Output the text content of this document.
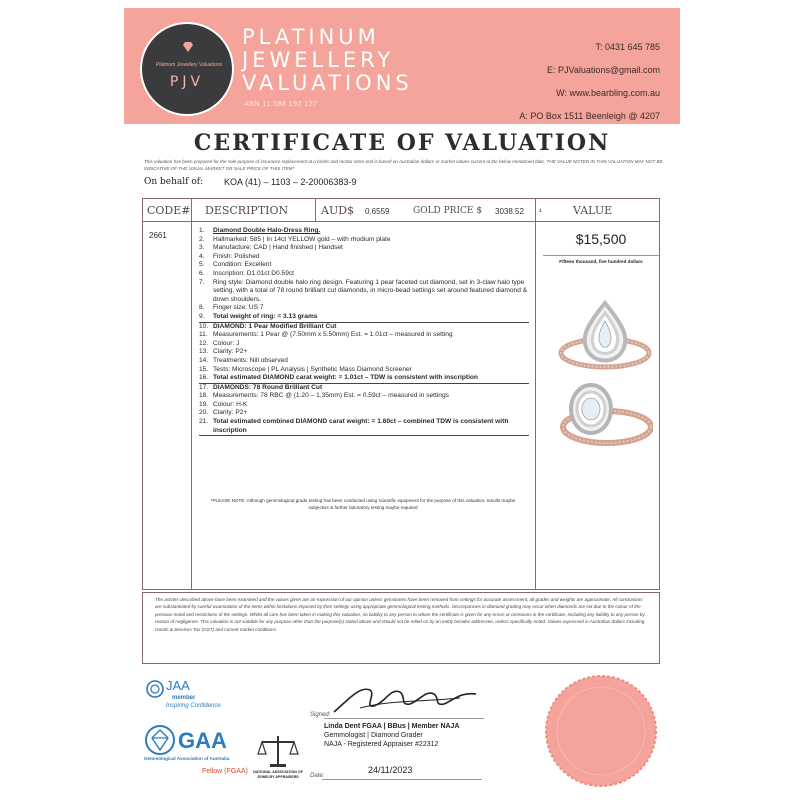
Platinum Jewellery Valuations
PJV
PLATINUM
JEWELLERY
VALUATIONS
ABN 11 588 192 127
T: 0431 645 785
E: PJValuations@gmail.com
W: www.bearbling.com.au
A: PO Box 1511 Beenleigh @ 4207
CERTIFICATE OF VALUATION
This valuation has been prepared for the sole purpose of insurance replacement at a bricks and mortar store and is based on Australian dollars or market values current at the below mentioned date. THE VALUE NOTED IN THIS VALUATION MAY NOT BE INDICATIVE OF THE USUAL MARKET OR SALE PRICE OF THIS ITEM*
On behalf of: KOA (41) – 1103 – 2-20006383-9
CODE# DESCRIPTION	AUD$ 0.6559	GOLD PRICE $ 3038.52 ¹	VALUE
2661
1.	Diamond Double Halo-Dress Ring.
2.	Hallmarked: 585 | In 14ct YELLOW gold – with rhodium plate
3.	Manufacture: CAD | Hand finished | Handset
4.	Finish: Polished
5.	Condition: Excellent
6.	Inscription: D1.01ct D0.59ct
7.	Ring style: Diamond double halo ring design. Featuring 1 pear faceted cut diamond, set in 3-claw halo type setting, with a total of 78 round brilliant cut diamonds, in micro-bead settings set around featured diamond & down shoulders.
8.	Finger size: US 7
9.	Total weight of ring: = 3.13 grams
10. DIAMOND: 1 Pear Modified Brilliant Cut
11. Measurements: 1 Pear @ (7.50mm x 5.50mm) Est. = 1.01ct – measured in setting
12. Colour: J
13. Clarity: P2+
14. Treatments: Nill observed
15. Tests: Microscope | PL Analysis | Synthetic Mass Diamond Screener
16. Total estimated DIAMOND carat weight: = 1.01ct – TDW is consistent with inscription
17. DIAMONDS: 78 Round Brilliant Cut
18. Measurements: 78 RBC @ (1.20 – 1.35mm) Est. = 0.59ct – measured in settings
19. Colour: H-K
20. Clarity: P2+
21. Total estimated combined DIAMOND carat weight: = 1.60ct – combined TDW is consistent with inscription
*PLEASE NOTE: Although gemmological grade testing has been conducted using scientific equipment for the purpose of this valuation, results maybe subjective & further laboratory testing maybe required
$15,500
Fifteen thousand, five hundred dollars
The articles described above have been examined and the values given are an expression of our opinion unless gemstones have been removed from settings for accurate assessment, all grades and weights are approximate. All conclusions are substantiated by careful examination of the items within limitations imposed by their settings using appropriate gemmological testing methods. Discrepancies in diamond grading may occur when diamonds are set due to the colour of the precious metal and restrictions of the settings. Whilst all care has been taken in making this valuation, no liability to any person to whom the certificate is given for any errors or omissions in the certificate, including any liability to any person by reason of negligence. This valuation is not suitable for any purpose other than the purpose(s) stated above and should not be relied on by an entity besides addressee, unless specifically noted. Values expressed in Australian dollars including Goods & Services Tax (GST) and current market conditions.
JAA
member
Inspiring Confidence
GAA
Gemmological Association of Australia
Fellow (FGAA)	NATIONAL ASSOCIATION OF JEWELRY APPRAISERS
Signed:
Linda Dent FGAA | BBus | Member NAJA
Gemmologist | Diamond Grader
NAJA - Registered Appraiser #22312
Date:
24/11/2023
